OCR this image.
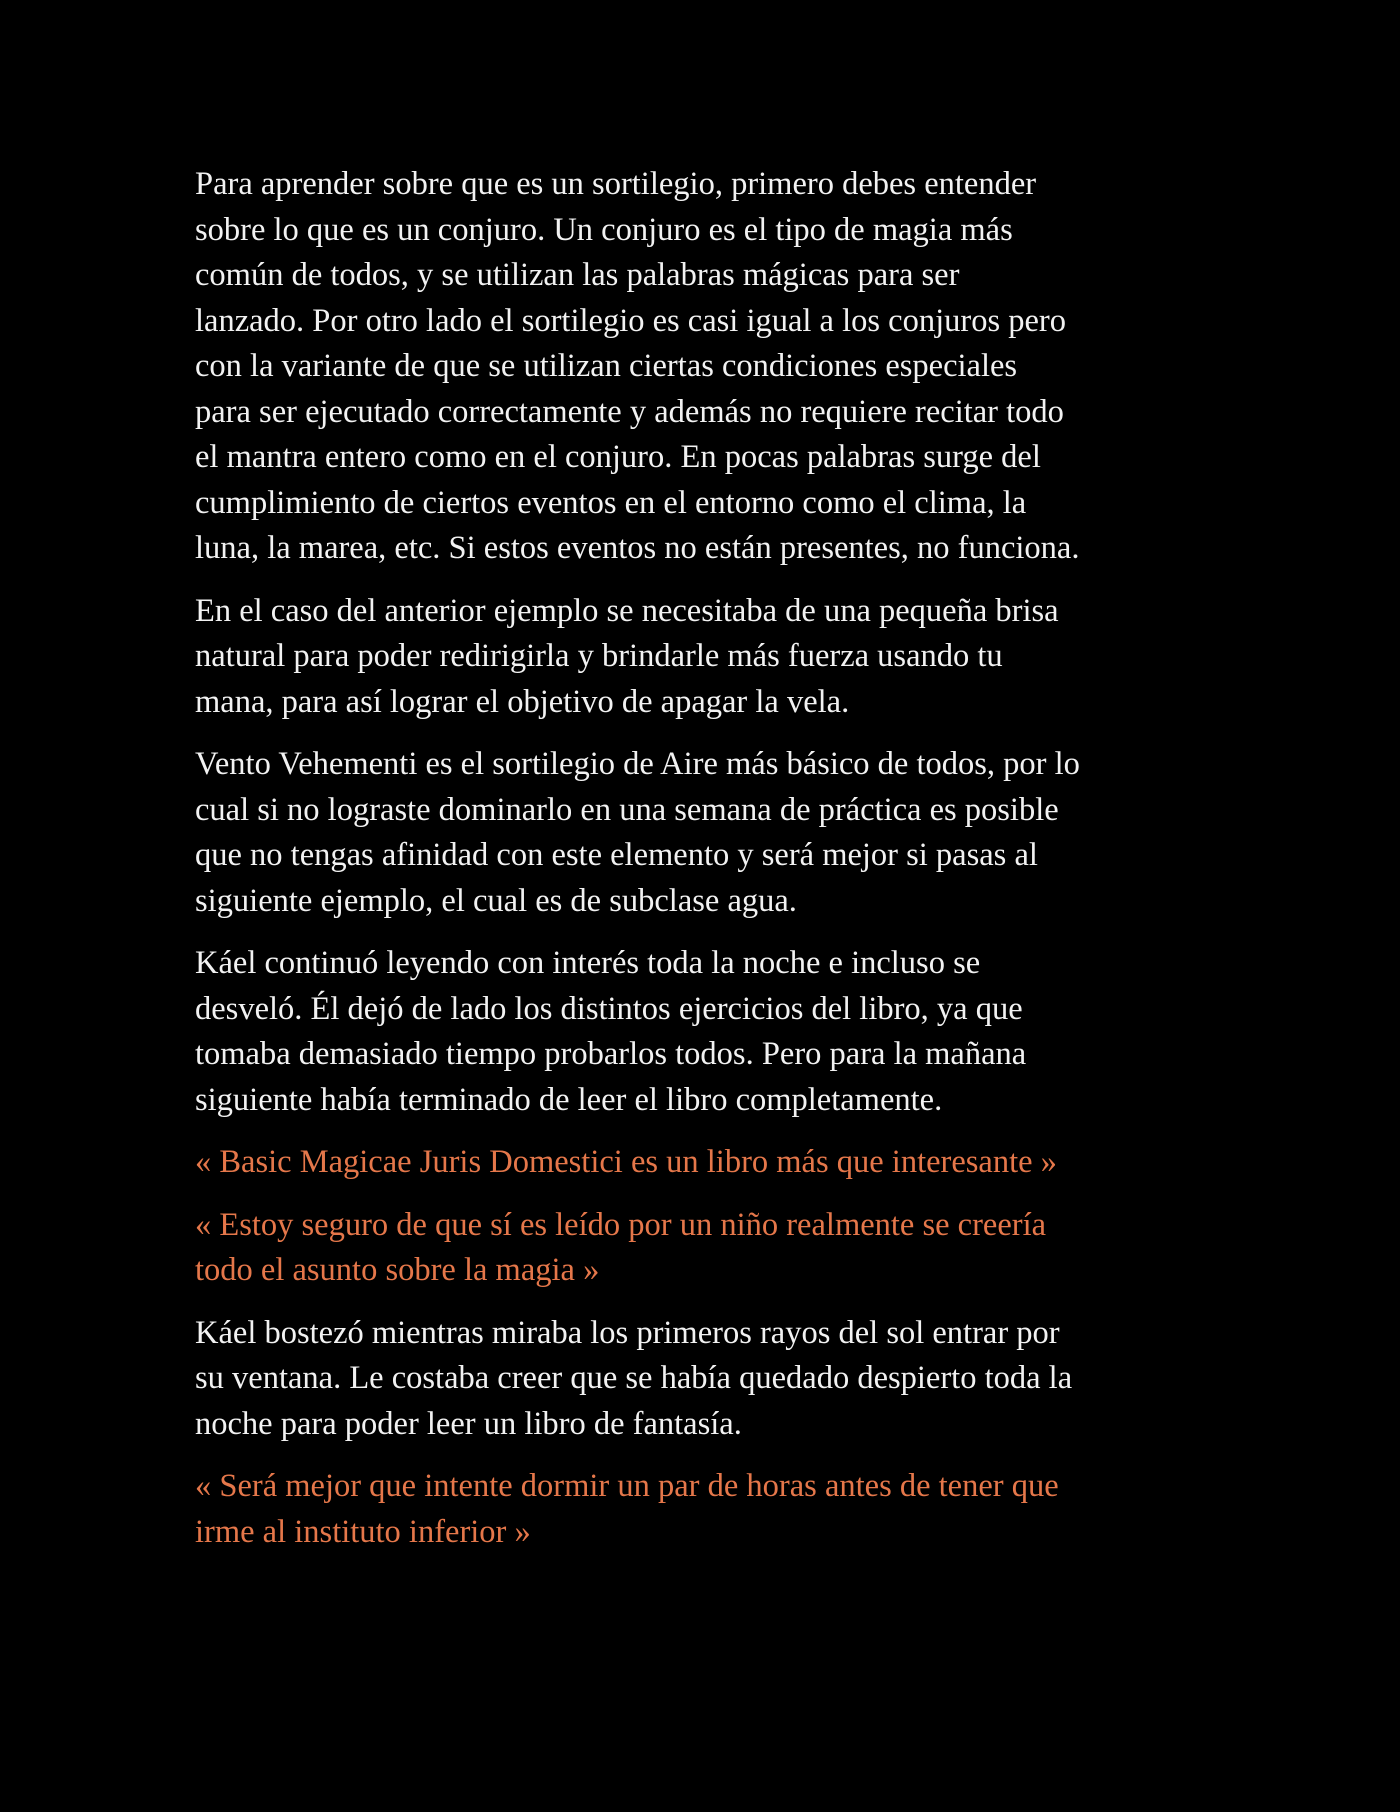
Para aprender sobre que es un sortilegio, primero debes entender
sobre lo que es un conjuro. Un conjuro es el tipo de magia más
común de todos, y se utilizan las palabras mágicas para ser
lanzado. Por otro lado el sortilegio es casi igual a los conjuros pero
con la variante de que se utilizan ciertas condiciones especiales
para ser ejecutado correctamente y además no requiere recitar todo
el mantra entero como en el conjuro. En pocas palabras surge del
cumplimiento de ciertos eventos en el entorno como el clima, la
luna, la marea, etc. Si estos eventos no están presentes, no funciona.
En el caso del anterior ejemplo se necesitaba de una pequeña brisa
natural para poder redirigirla y brindarle más fuerza usando tu
mana, para así lograr el objetivo de apagar la vela.
Vento Vehementi es el sortilegio de Aire más básico de todos, por lo
cual si no lograste dominarlo en una semana de práctica es posible
que no tengas afinidad con este elemento y será mejor si pasas al
siguiente ejemplo, el cual es de subclase agua.
Káel continuó leyendo con interés toda la noche e incluso se
desveló. Él dejó de lado los distintos ejercicios del libro, ya que
tomaba demasiado tiempo probarlos todos. Pero para la mañana
siguiente había terminado de leer el libro completamente.
« Basic Magicae Juris Domestici es un libro más que interesante »
« Estoy seguro de que sí es leído por un niño realmente se creería
todo el asunto sobre la magia »
Káel bostezó mientras miraba los primeros rayos del sol entrar por
su ventana. Le costaba creer que se había quedado despierto toda la
noche para poder leer un libro de fantasía.
« Será mejor que intente dormir un par de horas antes de tener que
irme al instituto inferior »
